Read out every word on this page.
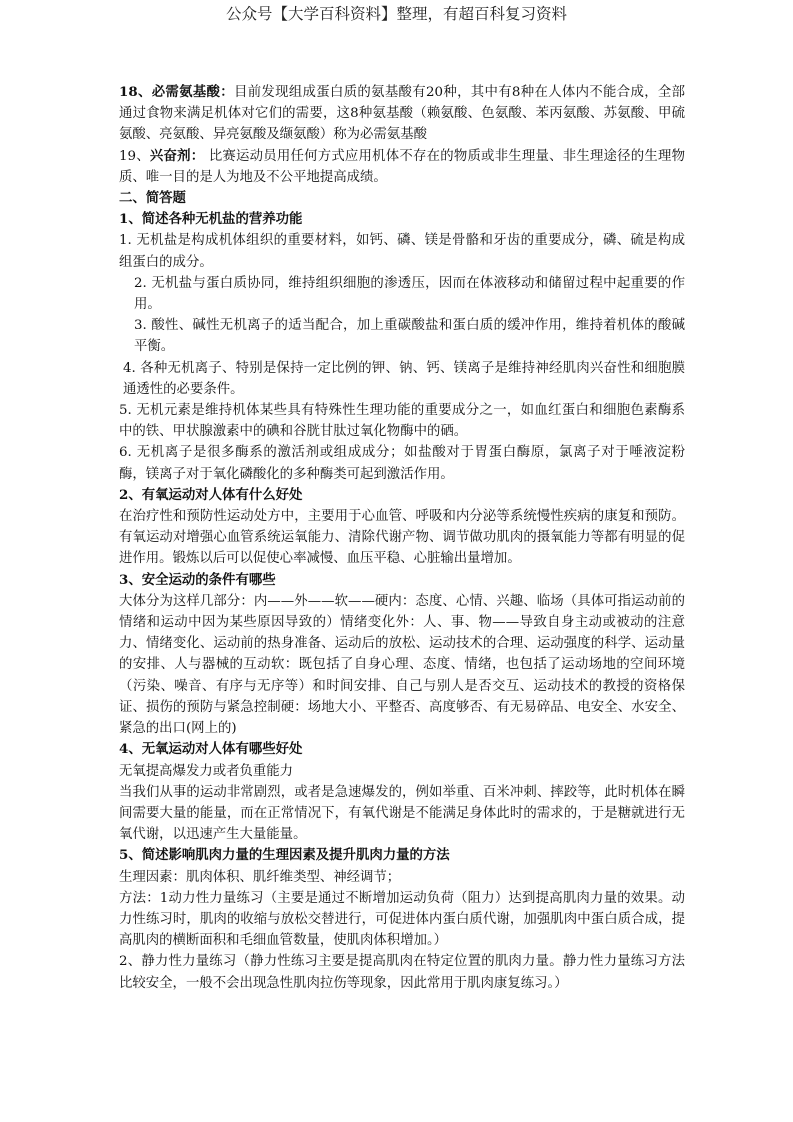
公众号【大学百科资料】整理，有超百科复习资料

18、必需氨基酸：目前发现组成蛋白质的氨基酸有20种，其中有8种在人体内不能合成，全部通过食物来满足机体对它们的需要，这8种氨基酸（赖氨酸、色氨酸、苯丙氨酸、苏氨酸、甲硫氨酸、亮氨酸、异亮氨酸及缬氨酸）称为必需氨基酸

19、兴奋剂： 比赛运动员用任何方式应用机体不存在的物质或非生理量、非生理途径的生理物质、唯一目的是人为地及不公平地提高成绩。

二、简答题

1、简述各种无机盐的营养功能

1. 无机盐是构成机体组织的重要材料，如钙、磷、镁是骨骼和牙齿的重要成分，磷、硫是构成组蛋白的成分。

2. 无机盐与蛋白质协同，维持组织细胞的渗透压，因而在体液移动和储留过程中起重要的作用。

3. 酸性、碱性无机离子的适当配合，加上重碳酸盐和蛋白质的缓冲作用，维持着机体的酸碱平衡。

4. 各种无机离子、特别是保持一定比例的钾、钠、钙、镁离子是维持神经肌肉兴奋性和细胞膜通透性的必要条件。

5. 无机元素是维持机体某些具有特殊性生理功能的重要成分之一，如血红蛋白和细胞色素酶系中的铁、甲状腺激素中的碘和谷胱甘肽过氧化物酶中的硒。

6. 无机离子是很多酶系的激活剂或组成成分；如盐酸对于胃蛋白酶原，氯离子对于唾液淀粉酶，镁离子对于氧化磷酸化的多种酶类可起到激活作用。

2、有氧运动对人体有什么好处

在治疗性和预防性运动处方中，主要用于心血管、呼吸和内分泌等系统慢性疾病的康复和预防。有氧运动对增强心血管系统运氧能力、清除代谢产物、调节做功肌肉的摄氧能力等都有明显的促进作用。锻炼以后可以促使心率减慢、血压平稳、心脏输出量增加。

3、安全运动的条件有哪些

大体分为这样几部分：内——外——软——硬内：态度、心情、兴趣、临场（具体可指运动前的情绪和运动中因为某些原因导致的）情绪变化外：人、事、物——导致自身主动或被动的注意力、情绪变化、运动前的热身准备、运动后的放松、运动技术的合理、运动强度的科学、运动量的安排、人与器械的互动软：既包括了自身心理、态度、情绪，也包括了运动场地的空间环境（污染、噪音、有序与无序等）和时间安排、自己与别人是否交互、运动技术的教授的资格保证、损伤的预防与紧急控制硬：场地大小、平整否、高度够否、有无易碎品、电安全、水安全、紧急的出口(网上的)

4、无氧运动对人体有哪些好处

无氧提高爆发力或者负重能力

当我们从事的运动非常剧烈，或者是急速爆发的，例如举重、百米冲刺、摔跤等，此时机体在瞬间需要大量的能量，而在正常情况下，有氧代谢是不能满足身体此时的需求的，于是糖就进行无氧代谢，以迅速产生大量能量。

5、简述影响肌肉力量的生理因素及提升肌肉力量的方法

生理因素：肌肉体积、肌纤维类型、神经调节；

方法：1动力性力量练习（主要是通过不断增加运动负荷（阻力）达到提高肌肉力量的效果。动力性练习时，肌肉的收缩与放松交替进行，可促进体内蛋白质代谢，加强肌肉中蛋白质合成，提高肌肉的横断面积和毛细血管数量，使肌肉体积增加。）

2、静力性力量练习（静力性练习主要是提高肌肉在特定位置的肌肉力量。静力性力量练习方法比较安全，一般不会出现急性肌肉拉伤等现象，因此常用于肌肉康复练习。）
